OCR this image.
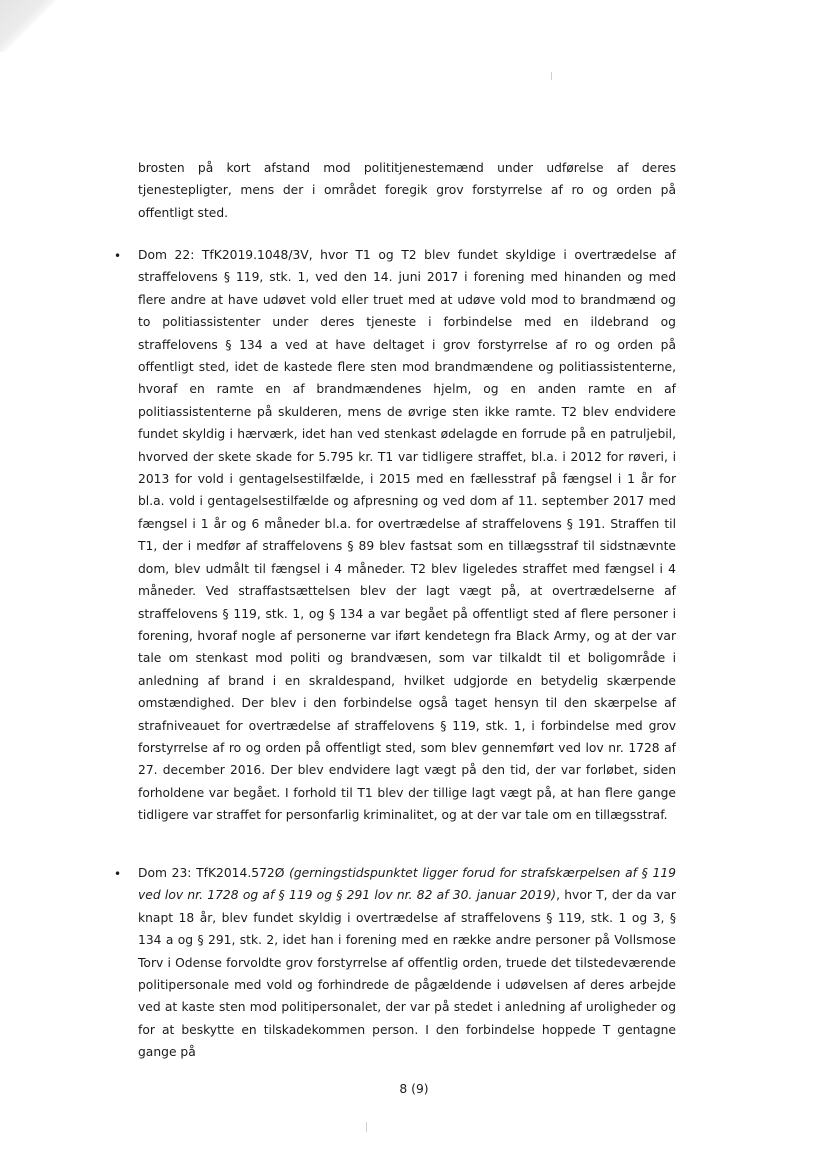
brosten på kort afstand mod polititjenestemænd under udførelse af deres tjenestepligter, mens der i området foregik grov forstyrrelse af ro og orden på offentligt sted.

• Dom 22: TfK2019.1048/3V, hvor T1 og T2 blev fundet skyldige i overtrædelse af straffelovens § 119, stk. 1, ved den 14. juni 2017 i forening med hinanden og med flere andre at have udøvet vold eller truet med at udøve vold mod to brandmænd og to politiassistenter under deres tjeneste i forbindelse med en ildebrand og straffelovens § 134 a ved at have deltaget i grov forstyrrelse af ro og orden på offentligt sted, idet de kastede flere sten mod brandmændene og politiassistenterne, hvoraf en ramte en af brandmændenes hjelm, og en anden ramte en af politiassistenterne på skulderen, mens de øvrige sten ikke ramte. T2 blev endvidere fundet skyldig i hærværk, idet han ved stenkast ødelagde en forrude på en patruljebil, hvorved der skete skade for 5.795 kr. T1 var tidligere straffet, bl.a. i 2012 for røveri, i 2013 for vold i gentagelsestilfælde, i 2015 med en fællesstraf på fængsel i 1 år for bl.a. vold i gentagelsestilfælde og afpresning og ved dom af 11. september 2017 med fængsel i 1 år og 6 måneder bl.a. for overtrædelse af straffelovens § 191. Straffen til T1, der i medfør af straffelovens § 89 blev fastsat som en tillægsstraf til sidstnævnte dom, blev udmålt til fængsel i 4 måneder. T2 blev ligeledes straffet med fængsel i 4 måneder. Ved straffastsættelsen blev der lagt vægt på, at overtrædelserne af straffelovens § 119, stk. 1, og § 134 a var begået på offentligt sted af flere personer i forening, hvoraf nogle af personerne var iført kendetegn fra Black Army, og at der var tale om stenkast mod politi og brandvæsen, som var tilkaldt til et boligområde i anledning af brand i en skraldespand, hvilket udgjorde en betydelig skærpende omstændighed. Der blev i den forbindelse også taget hensyn til den skærpelse af strafniveauet for overtrædelse af straffelovens § 119, stk. 1, i forbindelse med grov forstyrrelse af ro og orden på offentligt sted, som blev gennemført ved lov nr. 1728 af 27. december 2016. Der blev endvidere lagt vægt på den tid, der var forløbet, siden forholdene var begået. I forhold til T1 blev der tillige lagt vægt på, at han flere gange tidligere var straffet for personfarlig kriminalitet, og at der var tale om en tillægsstraf.

• Dom 23: TfK2014.572Ø (gerningstidspunktet ligger forud for strafskærpelsen af § 119 ved lov nr. 1728 og af § 119 og § 291 lov nr. 82 af 30. januar 2019), hvor T, der da var knapt 18 år, blev fundet skyldig i overtrædelse af straffelovens § 119, stk. 1 og 3, § 134 a og § 291, stk. 2, idet han i forening med en række andre personer på Vollsmose Torv i Odense forvoldte grov forstyrrelse af offentlig orden, truede det tilstedeværende politipersonale med vold og forhindrede de pågældende i udøvelsen af deres arbejde ved at kaste sten mod politipersonalet, der var på stedet i anledning af uroligheder og for at beskytte en tilskadekommen person. I den forbindelse hoppede T gentagne gange på

8 (9)
